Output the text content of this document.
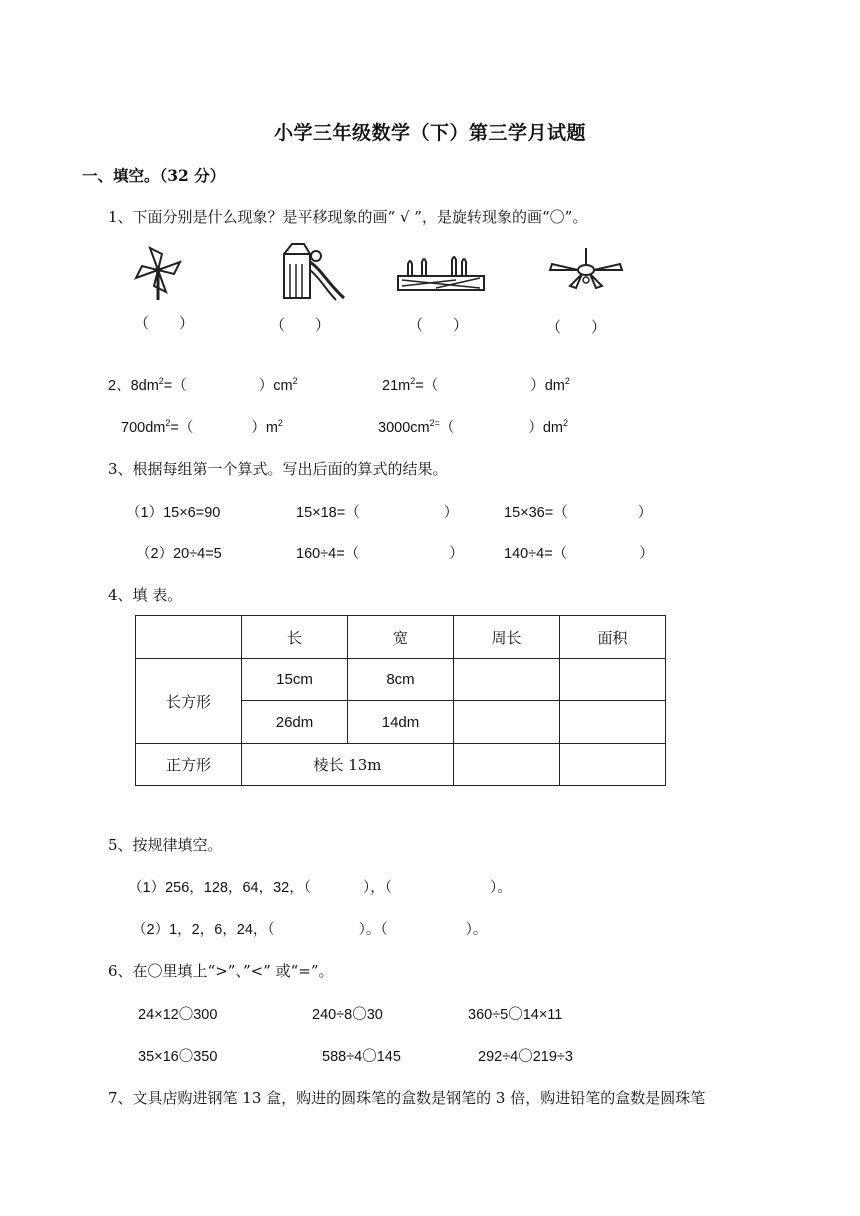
小学三年级数学（下）第三学月试题
一、填空。（32 分）
1、下面分别是什么现象？是平移现象的画“ √ ”，是旋转现象的画“〇”。
（　　）	（　　）	（　　）	（　　）
2、$8dm^2=$（	）$cm^2$	$21m^2=$（	）$dm^2$
$700dm^2=$（	）$m^2$	$3000cm^{2=}$（	）$dm^2$
3、根据每组第一个算式。写出后面的算式的结果。
（1）15×6=90	15×18=（	）	15×36=（	）
（2）20÷4=5	160÷4=（	）	140÷4=（	）
4、填 表。
	长	宽	周长	面积
长方形	15cm	8cm		
	26dm	14dm		
正方形	棱长 13m			
5、按规律填空。
（1）256，128，64，32，（	），（	）。
（2）1，2，6，24，（	）。（	）。
6、在〇里填上“>”、”<” 或“=”。
24×12〇300	240÷8〇30	360÷5〇14×11
35×16〇350	588÷4〇145	292÷4〇219÷3
7、文具店购进钢笔 13 盒，购进的圆珠笔的盒数是钢笔的 3 倍，购进铅笔的盒数是圆珠笔
